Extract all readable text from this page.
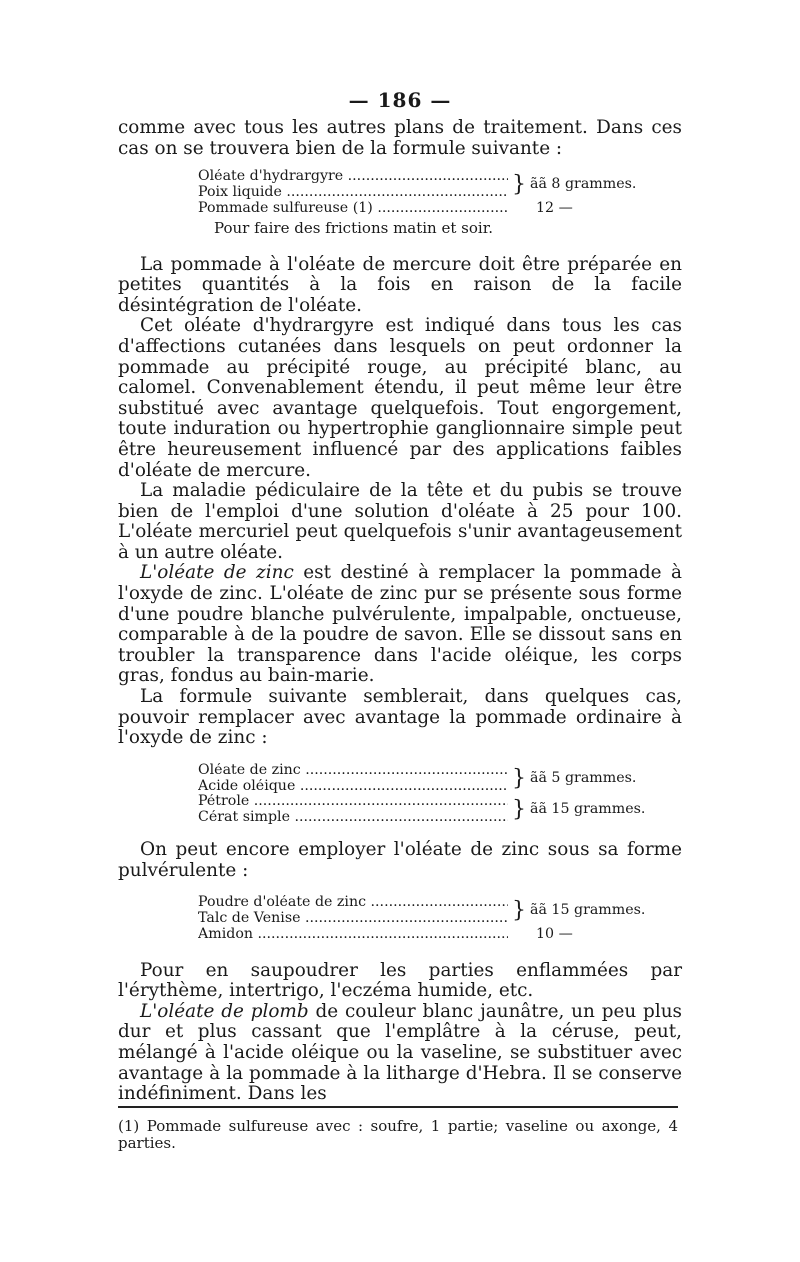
— 186 —

comme avec tous les autres plans de traitement. Dans ces cas on se trouvera bien de la formule suivante :

Oléate d'hydrargyre .....
Poix liquide .....	} ãã 8 grammes.
Pommade sulfureuse (1) .....	12 —
Pour faire des frictions matin et soir.

La pommade à l'oléate de mercure doit être préparée en petites quantités à la fois en raison de la facile désintégration de l'oléate.

Cet oléate d'hydrargyre est indiqué dans tous les cas d'affections cutanées dans lesquels on peut ordonner la pommade au précipité rouge, au précipité blanc, au calomel. Convenablement étendu, il peut même leur être substitué avec avantage quelquefois. Tout engorgement, toute induration ou hypertrophie ganglionnaire simple peut être heureusement influencé par des applications faibles d'oléate de mercure.

La maladie pédiculaire de la tête et du pubis se trouve bien de l'emploi d'une solution d'oléate à 25 pour 100. L'oléate mercuriel peut quelquefois s'unir avantageusement à un autre oléate.

L'oléate de zinc est destiné à remplacer la pommade à l'oxyde de zinc. L'oléate de zinc pur se présente sous forme d'une poudre blanche pulvérulente, impalpable, onctueuse, comparable à de la poudre de savon. Elle se dissout sans en troubler la transparence dans l'acide oléique, les corps gras, fondus au bain-marie.

La formule suivante semblerait, dans quelques cas, pouvoir remplacer avec avantage la pommade ordinaire à l'oxyde de zinc :

Oléate de zinc .....
Acide oléique .....	} ãã 5 grammes.
Pétrole .....
Cérat simple .....	} ãã 15 grammes.

On peut encore employer l'oléate de zinc sous sa forme pulvérulente :

Poudre d'oléate de zinc .....
Talc de Venise .....	} ãã 15 grammes.
Amidon .....	10 —

Pour en saupoudrer les parties enflammées par l'érythème, intertrigo, l'eczéma humide, etc.

L'oléate de plomb de couleur blanc jaunâtre, un peu plus dur et plus cassant que l'emplâtre à la céruse, peut, mélangé à l'acide oléique ou la vaseline, se substituer avec avantage à la pommade à la litharge d'Hebra. Il se conserve indéfiniment. Dans les

(1) Pommade sulfureuse avec : soufre, 1 partie; vaseline ou axonge, 4 parties.
